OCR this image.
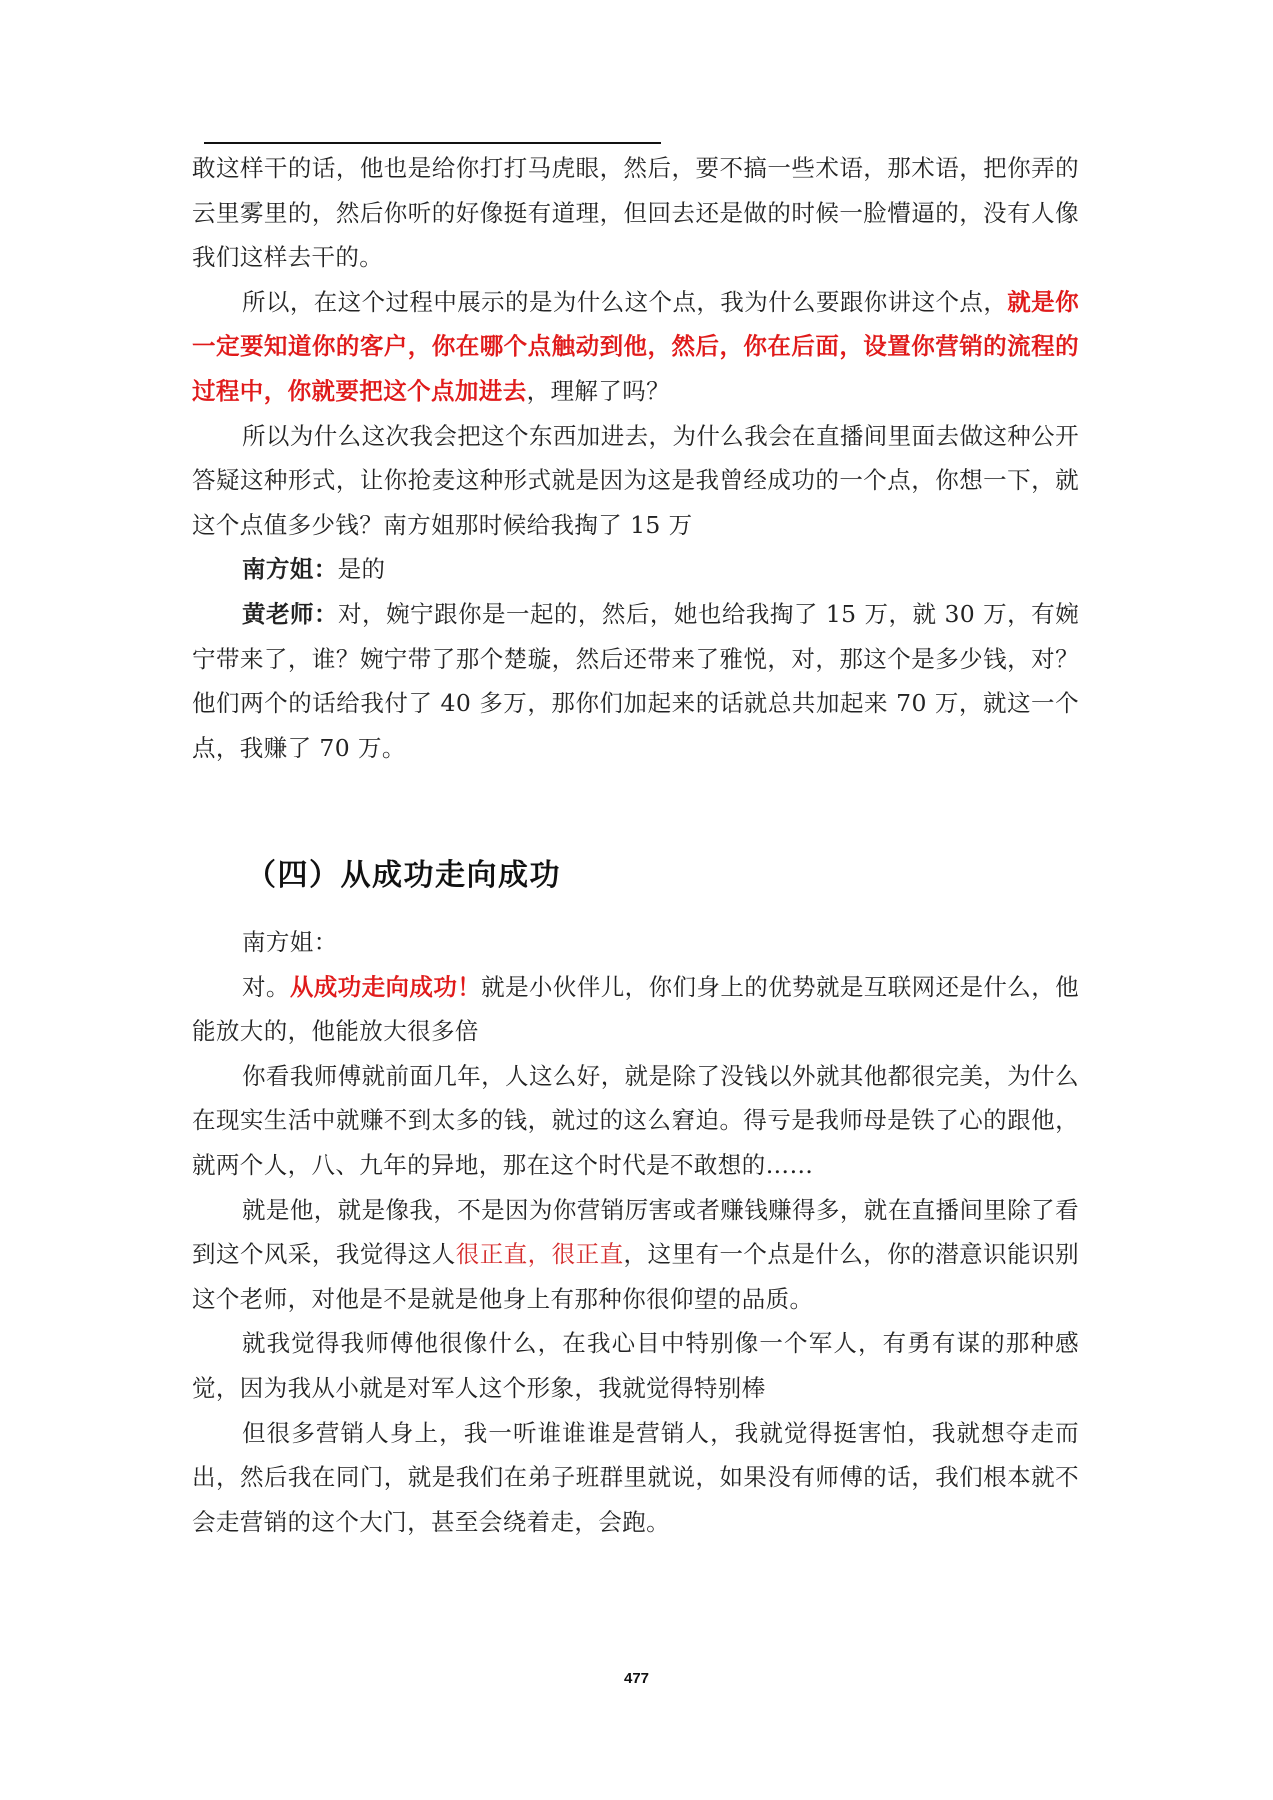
敢这样干的话，他也是给你打打马虎眼，然后，要不搞一些术语，那术语，把你弄的云里雾里的，然后你听的好像挺有道理，但回去还是做的时候一脸懵逼的，没有人像我们这样去干的。

所以，在这个过程中展示的是为什么这个点，我为什么要跟你讲这个点，就是你一定要知道你的客户，你在哪个点触动到他，然后，你在后面，设置你营销的流程的过程中，你就要把这个点加进去，理解了吗？

所以为什么这次我会把这个东西加进去，为什么我会在直播间里面去做这种公开答疑这种形式，让你抢麦这种形式就是因为这是我曾经成功的一个点，你想一下，就这个点值多少钱？南方姐那时候给我掏了 15 万

南方姐：是的

黄老师：对，婉宁跟你是一起的，然后，她也给我掏了 15 万，就 30 万，有婉宁带来了，谁？婉宁带了那个楚璇，然后还带来了雅悦，对，那这个是多少钱，对？他们两个的话给我付了 40 多万，那你们加起来的话就总共加起来 70 万，就这一个点，我赚了 70 万。

（四）从成功走向成功

南方姐：

对。从成功走向成功！就是小伙伴儿，你们身上的优势就是互联网还是什么，他能放大的，他能放大很多倍

你看我师傅就前面几年，人这么好，就是除了没钱以外就其他都很完美，为什么在现实生活中就赚不到太多的钱，就过的这么窘迫。得亏是我师母是铁了心的跟他，就两个人，八、九年的异地，那在这个时代是不敢想的……

就是他，就是像我，不是因为你营销厉害或者赚钱赚得多，就在直播间里除了看到这个风采，我觉得这人很正直，很正直，这里有一个点是什么，你的潜意识能识别这个老师，对他是不是就是他身上有那种你很仰望的品质。

就我觉得我师傅他很像什么，在我心目中特别像一个军人，有勇有谋的那种感觉，因为我从小就是对军人这个形象，我就觉得特别棒

但很多营销人身上，我一听谁谁谁是营销人，我就觉得挺害怕，我就想夺走而出，然后我在同门，就是我们在弟子班群里就说，如果没有师傅的话，我们根本就不会走营销的这个大门，甚至会绕着走，会跑。

477
